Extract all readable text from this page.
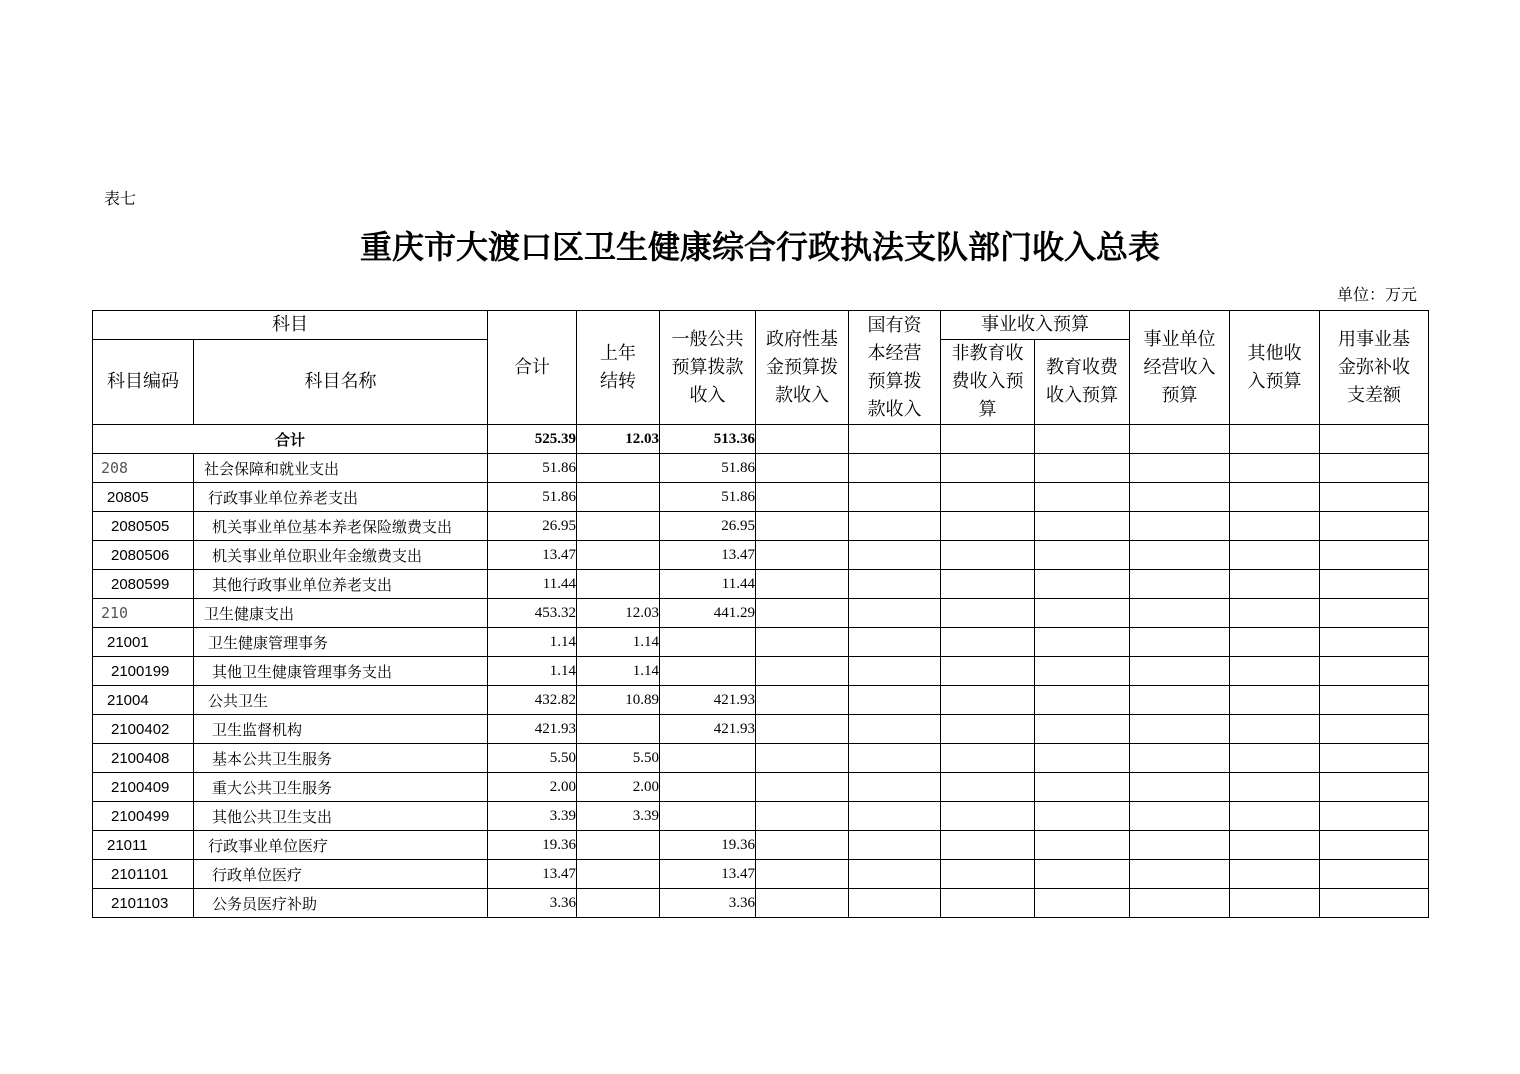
表七
重庆市大渡口区卫生健康综合行政执法支队部门收入总表
单位：万元
科目		合计	上年结转	一般公共预算拨款收入	政府性基金预算拨款收入	国有资本经营预算拨款收入	事业收入预算		事业单位经营收入预算	其他收入预算	用事业基金弥补收支差额
科目编码	科目名称						非教育收费收入预算	教育收费收入预算			
合计		525.39	12.03	513.36							
208	社会保障和就业支出	51.86		51.86							
20805	行政事业单位养老支出	51.86		51.86							
2080505	机关事业单位基本养老保险缴费支出	26.95		26.95							
2080506	机关事业单位职业年金缴费支出	13.47		13.47							
2080599	其他行政事业单位养老支出	11.44		11.44							
210	卫生健康支出	453.32	12.03	441.29							
21001	卫生健康管理事务	1.14	1.14								
2100199	其他卫生健康管理事务支出	1.14	1.14								
21004	公共卫生	432.82	10.89	421.93							
2100402	卫生监督机构	421.93		421.93							
2100408	基本公共卫生服务	5.50	5.50								
2100409	重大公共卫生服务	2.00	2.00								
2100499	其他公共卫生支出	3.39	3.39								
21011	行政事业单位医疗	19.36		19.36							
2101101	行政单位医疗	13.47		13.47							
2101103	公务员医疗补助	3.36		3.36							
